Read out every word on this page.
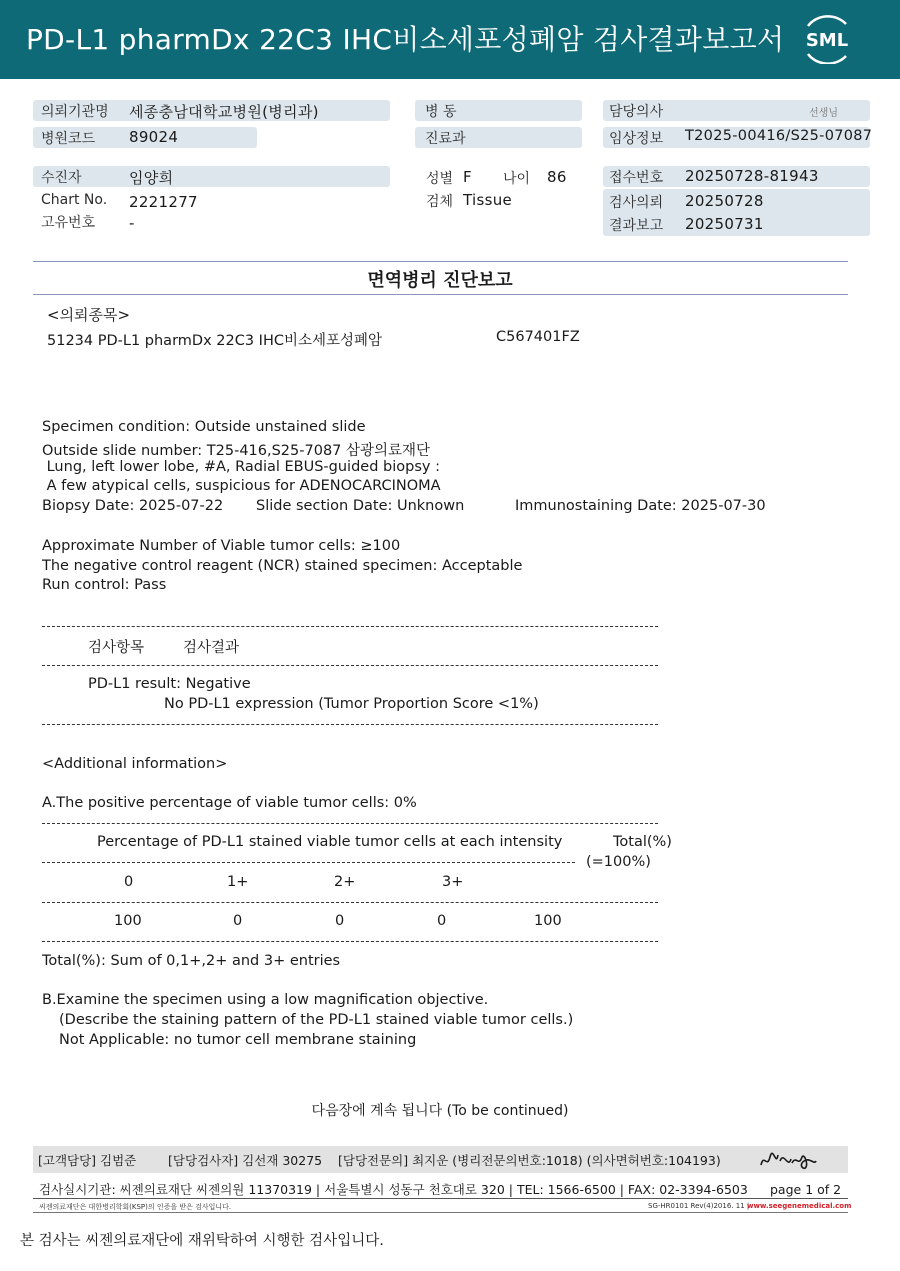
PD-L1 pharmDx 22C3 IHC비소세포성폐암 검사결과보고서 SML
의뢰기관명 세종충남대학교병원(병리과)
병원코드 89024
병 동
진료과
담당의사	선생님
임상정보 T2025-00416/S25-07087
수진자	임양희
Chart No. 2221277
고유번호 -
성별 F 나이 86
검체 Tissue
접수번호 20250728-81943
검사의뢰 20250728
결과보고 20250731
면역병리 진단보고
<의뢰종목>
51234 PD-L1 pharmDx 22C3 IHC비소세포성폐암	C567401FZ
Specimen condition: Outside unstained slide
Outside slide number: T25-416,S25-7087 삼광의료재단
Lung, left lower lobe, #A, Radial EBUS-guided biopsy :
A few atypical cells, suspicious for ADENOCARCINOMA
Biopsy Date: 2025-07-22 Slide section Date: Unknown	Immunostaining Date: 2025-07-30
Approximate Number of Viable tumor cells: ≥100
The negative control reagent (NCR) stained specimen: Acceptable
Run control: Pass
검사항목	검사결과
PD-L1 result: Negative
No PD-L1 expression (Tumor Proportion Score <1%)
<Additional information>
A.The positive percentage of viable tumor cells: 0%
Percentage of PD-L1 stained viable tumor cells at each intensity	Total(%)
(=100%)
0	1+	2+	3+
100	0	0	0	100
Total(%): Sum of 0,1+,2+ and 3+ entries
B.Examine the specimen using a low magnification objective.
(Describe the staining pattern of the PD-L1 stained viable tumor cells.)
Not Applicable: no tumor cell membrane staining
다음장에 계속 됩니다 (To be continued)
[고객담당] 김범준        [담당검사자] 김선재 30275    [담당전문의] 최지운 (병리전문의번호:1018) (의사면허번호:104193)
검사실시기관: 씨젠의료재단 씨젠의원 11370319 | 서울특별시 성동구 천호대로 320 | TEL: 1566-6500 | FAX: 02-3394-6503 page 1 of 2
씨젠의료재단은 대한병리학회(KSP)의 인증을 받은 검사입니다.	SG-HR0101 Rev(4)2016. 11 |
www.seegenemedical.com
본 검사는 씨젠의료재단에 재위탁하여 시행한 검사입니다.
